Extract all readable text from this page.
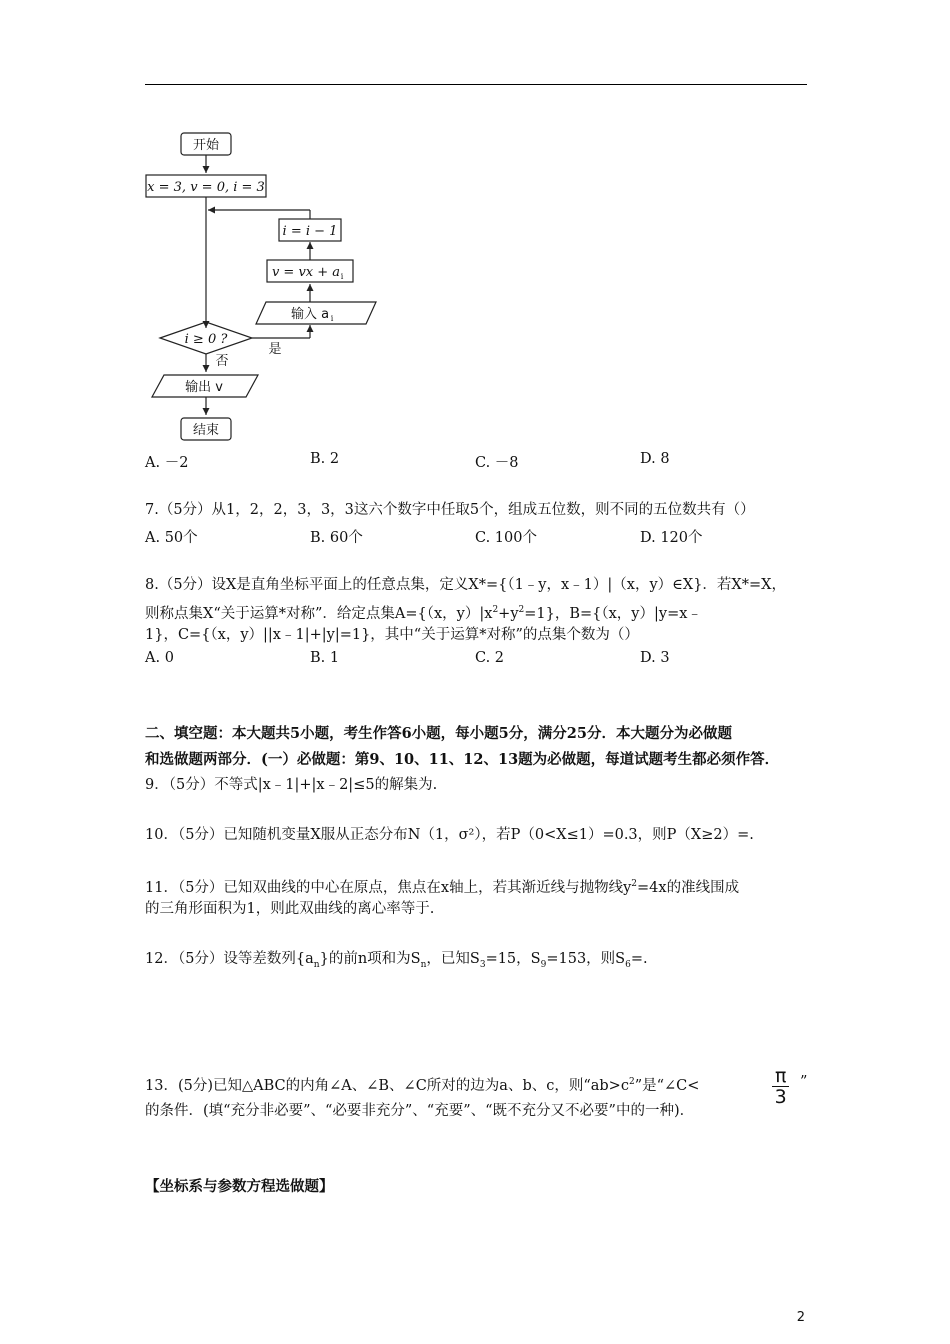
开始
x = 3, v = 0, i = 3
i = i − 1
v = vx + a i
输入 a i
i ≥ 0 ?
是
否
输出 v
结束
A. －2	B. 2	C. －8	D. 8
7.（5分）从1，2，2，3，3，3这六个数字中任取5个，组成五位数，则不同的五位数共有（）
A. 50个	B. 60个	C. 100个	D. 120个
8.（5分）设X是直角坐标平面上的任意点集，定义X*={（1﹣y，x﹣1）|（x，y）∈X}．若X*=X，
则称点集X“关于运算*对称”．给定点集A={（x，$y)|x^2+y^2=1$}，B={（x，y）|y=x﹣
1}，C={（x，y）||x﹣1|+|y|=1}，其中“关于运算*对称”的点集个数为（）
A. 0	B. 1	C. 2	D. 3
二、填空题：本大题共5小题，考生作答6小题，每小题5分，满分25分．本大题分为必做题
和选做题两部分．(一）必做题：第9、10、11、12、13题为必做题，每道试题考生都必须作答．
9．（5分）不等式|x﹣1|+|x﹣2|≤5的解集为.
10．（5分）已知随机变量X服从正态分布N（1，σ²），若P（0<X≤1）=0.3，则P（X≥2）=.
11．（5分）已知双曲线的中心在原点，焦点在x轴上，若其渐近线与抛物线$y^2=4x$的准线围成
的三角形面积为1，则此双曲线的离心率等于.
12．（5分）设等差数列$\{a_n\}$的前n项和为$S_n$，已知$S_3=15$，$S_9=153$，则$S_6=$.
13．(5分)已知△ABC的内角∠A、∠B、∠C所对的边为a、b、c，则“$ab>c^2$”是“∠C<	$\frac{\pi}{3}$ ”
的条件．(填“充分非必要”、“必要非充分”、“充要”、“既不充分又不必要”中的一种)．
【坐标系与参数方程选做题】
2
